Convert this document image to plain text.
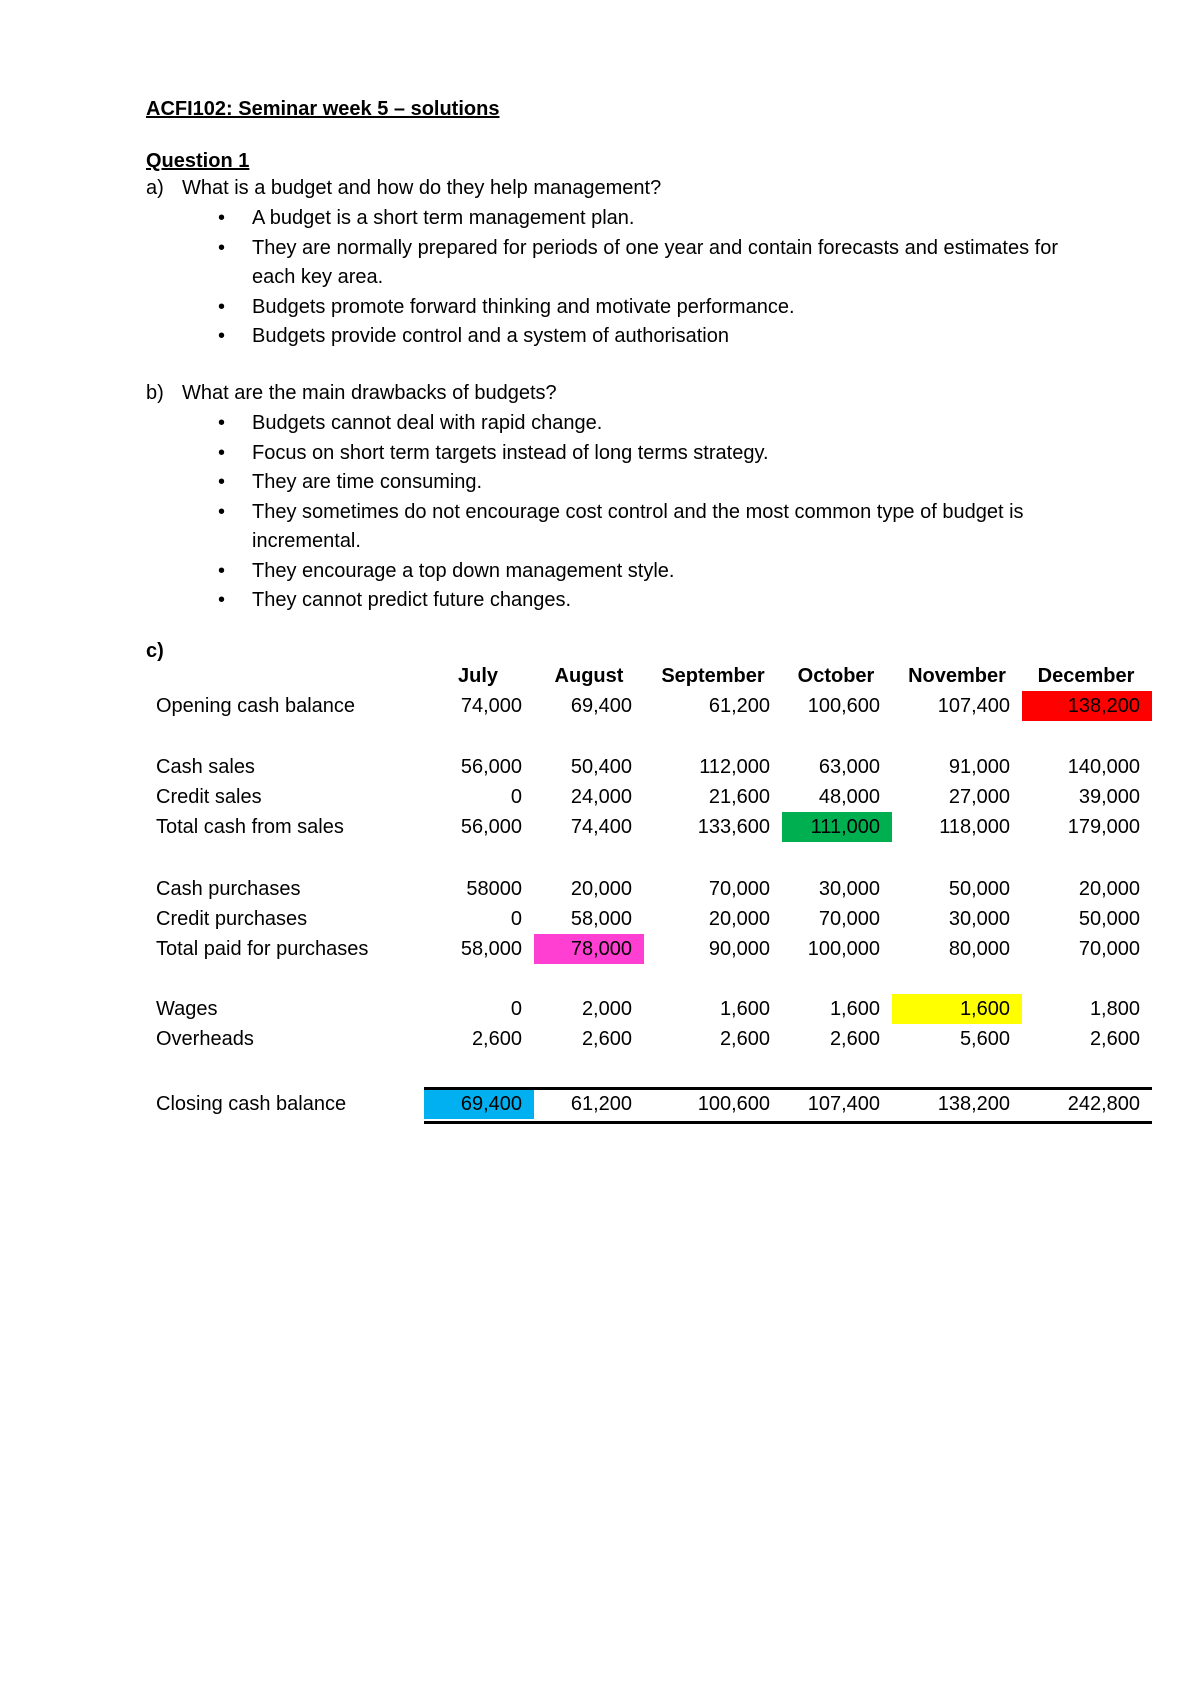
ACFI102: Seminar week 5 – solutions
Question 1
a) What is a budget and how do they help management?
• A budget is a short term management plan.
• They are normally prepared for periods of one year and contain forecasts and estimates for each key area.
• Budgets promote forward thinking and motivate performance.
• Budgets provide control and a system of authorisation
b) What are the main drawbacks of budgets?
• Budgets cannot deal with rapid change.
• Focus on short term targets instead of long terms strategy.
• They are time consuming.
• They sometimes do not encourage cost control and the most common type of budget is incremental.
• They encourage a top down management style.
• They cannot predict future changes.
c)
July	August	September	October	November	December
Opening cash balance	74,000	69,400	61,200	100,600	107,400	138,200
Cash sales	56,000	50,400	112,000	63,000	91,000	140,000
Credit sales	0	24,000	21,600	48,000	27,000	39,000
Total cash from sales	56,000	74,400	133,600	111,000	118,000	179,000
Cash purchases	58000	20,000	70,000	30,000	50,000	20,000
Credit purchases	0	58,000	20,000	70,000	30,000	50,000
Total paid for purchases	58,000	78,000	90,000	100,000	80,000	70,000
Wages	0	2,000	1,600	1,600	1,600	1,800
Overheads	2,600	2,600	2,600	2,600	5,600	2,600
Closing cash balance	69,400	61,200	100,600	107,400	138,200	242,800
